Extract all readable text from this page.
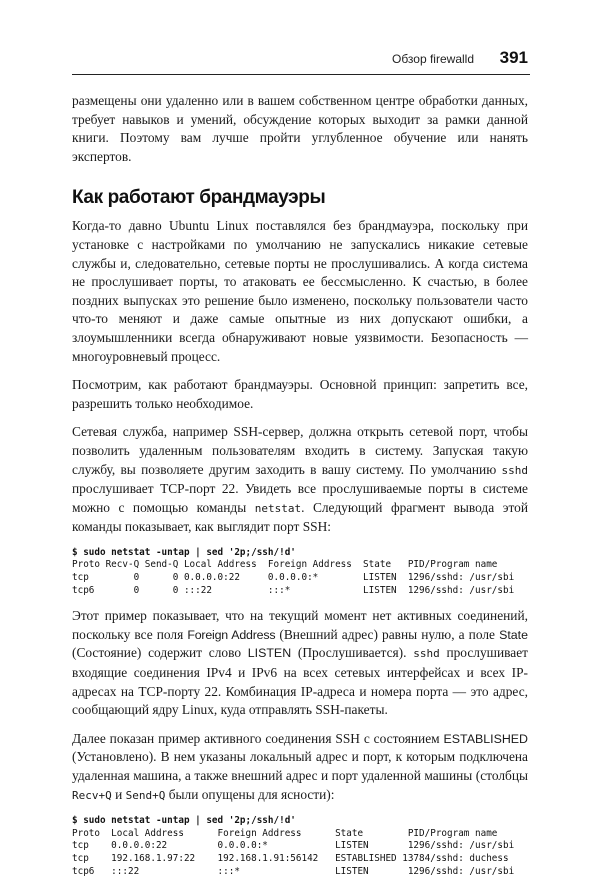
Обзор firewalld 391

размещены они удаленно или в вашем собственном центре обработки данных, требует навыков и умений, обсуждение которых выходит за рамки данной книги. Поэтому вам лучше пройти углубленное обучение или нанять экспертов.

Как работают брандмауэры

Когда-то давно Ubuntu Linux поставлялся без брандмауэра, поскольку при установке с настройками по умолчанию не запускались никакие сетевые службы и, следовательно, сетевые порты не прослушивались. А когда система не прослушивает порты, то атаковать ее бессмысленно. К счастью, в более поздних выпусках это решение было изменено, поскольку пользователи часто что-то меняют и даже самые опытные из них допускают ошибки, а злоумышленники всегда обнаруживают новые уязвимости. Безопасность — многоуровневый процесс.

Посмотрим, как работают брандмауэры. Основной принцип: запретить все, разрешить только необходимое.

Сетевая служба, например SSH-сервер, должна открыть сетевой порт, чтобы позволить удаленным пользователям входить в систему. Запуская такую службу, вы позволяете другим заходить в вашу систему. По умолчанию sshd прослушивает TCP-порт 22. Увидеть все прослушиваемые порты в системе можно с помощью команды netstat. Следующий фрагмент вывода этой команды показывает, как выглядит порт SSH:

$ sudo netstat -untap | sed '2p;/ssh/!d'
Proto Recv-Q Send-Q Local Address  Foreign Address  State   PID/Program name
tcp        0      0 0.0.0.0:22     0.0.0.0:*        LISTEN  1296/sshd: /usr/sbi
tcp6       0      0 :::22          :::*             LISTEN  1296/sshd: /usr/sbi

Этот пример показывает, что на текущий момент нет активных соединений, поскольку все поля Foreign Address (Внешний адрес) равны нулю, а поле State (Состояние) содержит слово LISTEN (Прослушивается). sshd прослушивает входящие соединения IPv4 и IPv6 на всех сетевых интерфейсах и всех IP-адресах на TCP-порту 22. Комбинация IP-адреса и номера порта — это адрес, сообщающий ядру Linux, куда отправлять SSH-пакеты.

Далее показан пример активного соединения SSH с состоянием ESTABLISHED (Установлено). В нем указаны локальный адрес и порт, к которым подключена удаленная машина, а также внешний адрес и порт удаленной машины (столбцы Recv+Q и Send+Q были опущены для ясности):

$ sudo netstat -untap | sed '2p;/ssh/!d'
Proto  Local Address      Foreign Address      State        PID/Program name
tcp    0.0.0.0:22         0.0.0.0:*            LISTEN       1296/sshd: /usr/sbi
tcp    192.168.1.97:22    192.168.1.91:56142   ESTABLISHED 13784/sshd: duchess
tcp6   :::22              :::*                 LISTEN       1296/sshd: /usr/sbi
